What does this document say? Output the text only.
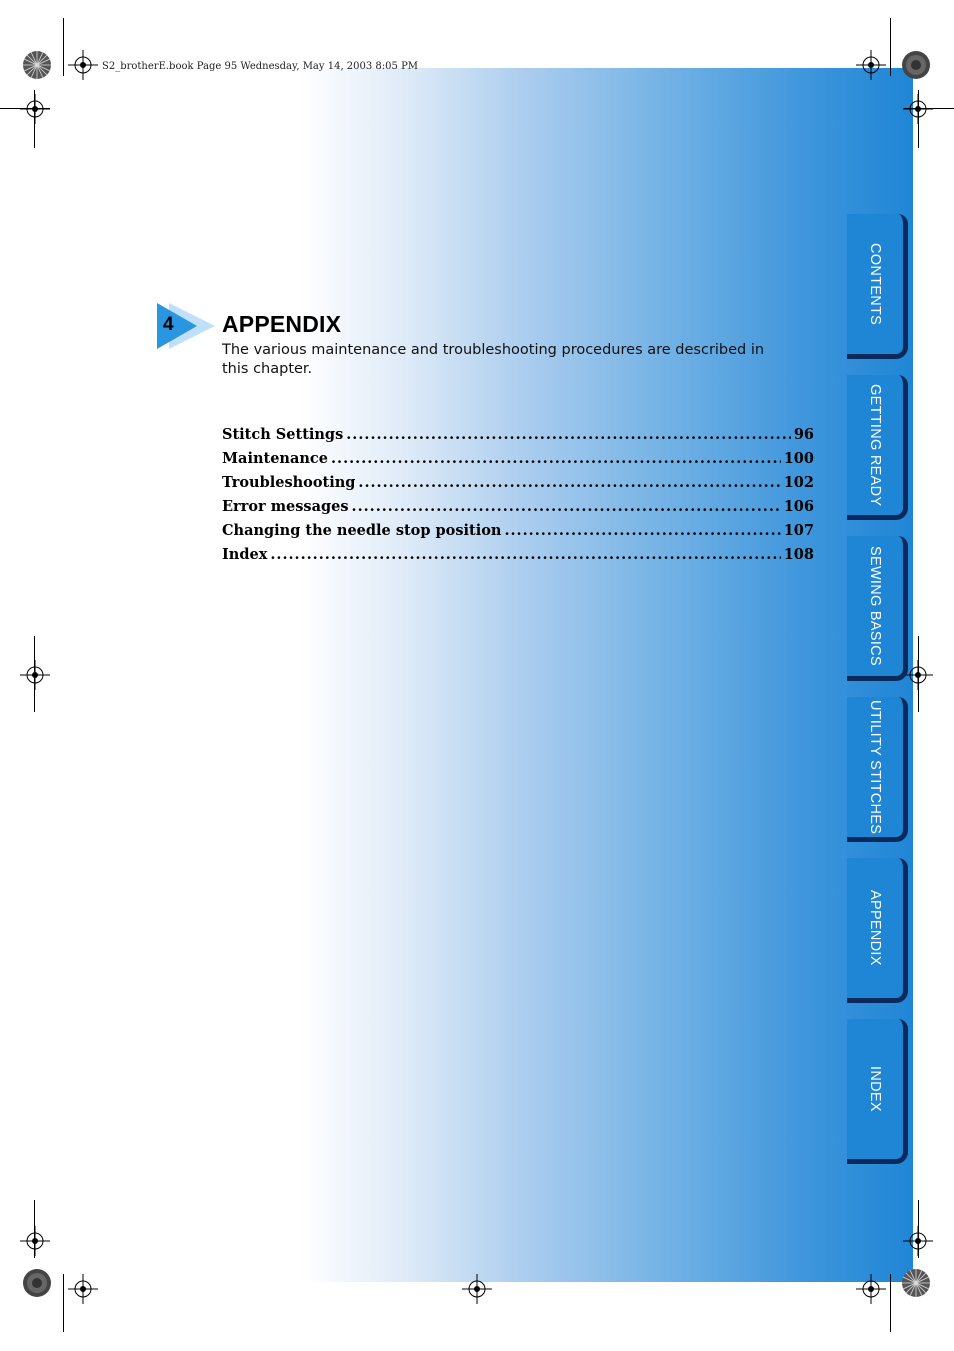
S2_brotherE.book Page 95 Wednesday, May 14, 2003 8:05 PM
4 APPENDIX
The various maintenance and troubleshooting procedures are described in this chapter.
Stitch Settings .....	96
Maintenance .....	100
Troubleshooting .....	102
Error messages .....	106
Changing the needle stop position .....	107
Index .....	108
CONTENTS
GETTING READY
SEWING BASICS
UTILITY STITCHES
APPENDIX
INDEX
